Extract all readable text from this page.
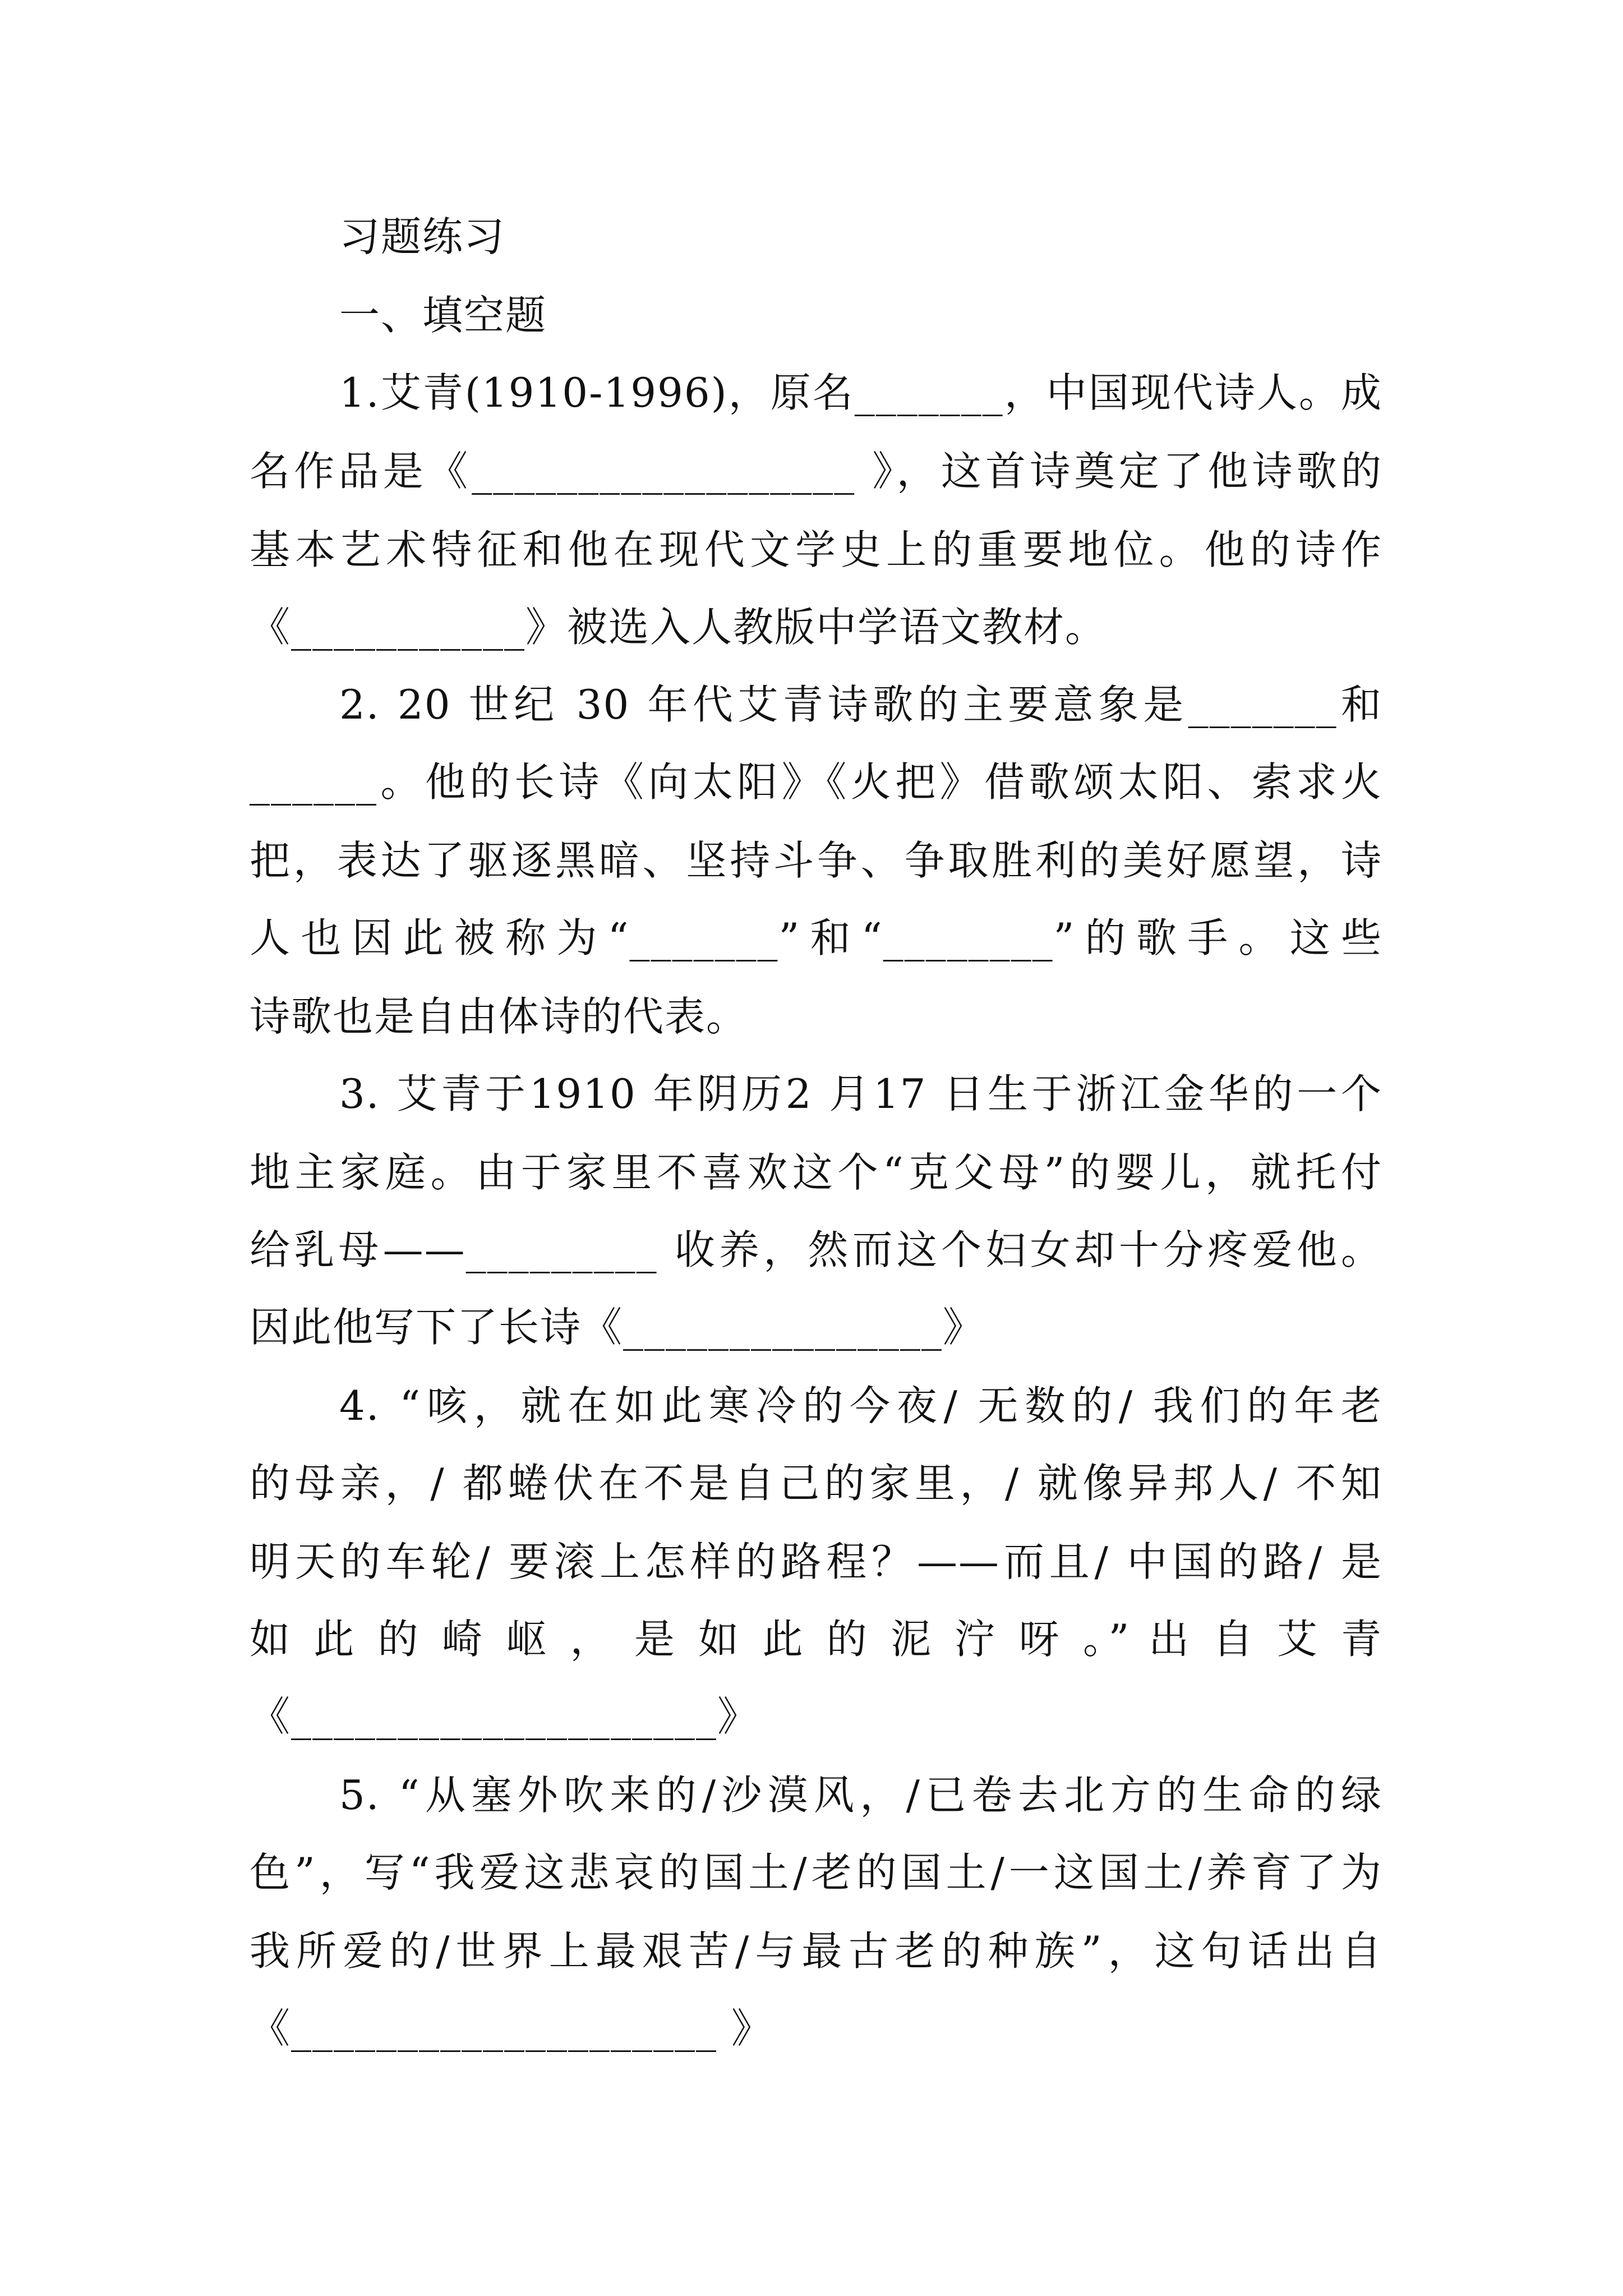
习题练习
一、填空题
1.艾青(1910-1996)，原名_______，中国现代诗人。成
名作品是《__________________ 》，这首诗奠定了他诗歌的
基本艺术特征和他在现代文学史上的重要地位。他的诗作
《___________》被选入人教版中学语文教材。
2. 20 世纪 30 年代艾青诗歌的主要意象是_______和
______。他的长诗《向太阳》《火把》借歌颂太阳、索求火
把，表达了驱逐黑暗、坚持斗争、争取胜利的美好愿望，诗
人也因此被称为“_______”和“________”的歌手。这些
诗歌也是自由体诗的代表。
3. 艾青于1910 年阴历2 月17 日生于浙江金华的一个
地主家庭。由于家里不喜欢这个“克父母”的婴儿，就托付
给乳母——_________ 收养，然而这个妇女却十分疼爱他。
因此他写下了长诗《_______________》
4. “咳，就在如此寒冷的今夜/ 无数的/ 我们的年老
的母亲，/ 都蜷伏在不是自己的家里，/ 就像异邦人/ 不知
明天的车轮/ 要滚上怎样的路程？——而且/ 中国的路/ 是
如 此 的 崎 岖 ， 是 如 此 的 泥 泞 呀 。” 出 自 艾 青
《____________________》
5. “从塞外吹来的/沙漠风，/已卷去北方的生命的绿
色”，写“我爱这悲哀的国土/老的国土/一这国土/养育了为
我所爱的/世界上最艰苦/与最古老的种族”，这句话出自
《____________________ 》
